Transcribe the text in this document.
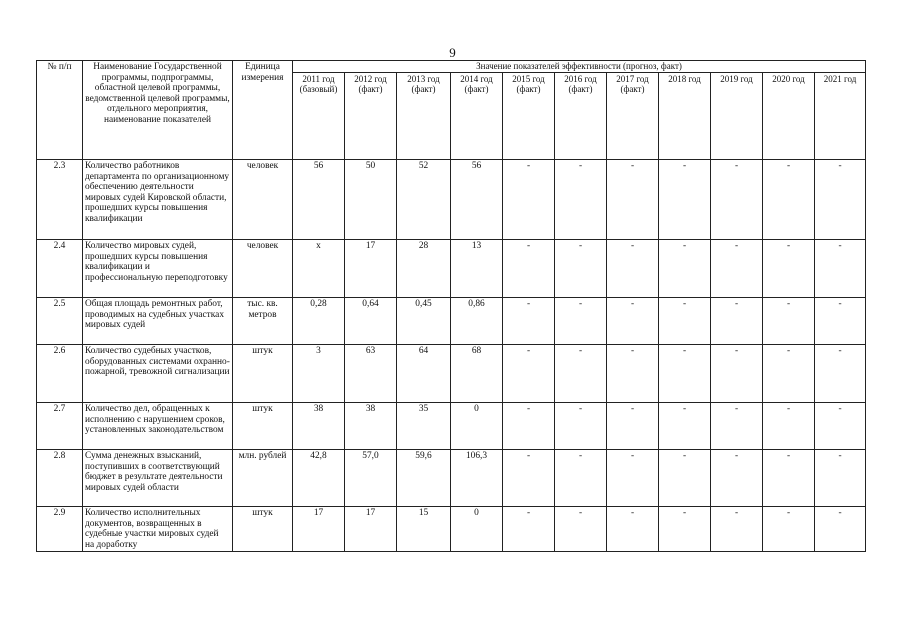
9
№ п/п	Наименование Государственной программы, подпрограммы, областной целевой программы, ведомственной целевой программы, отдельного мероприятия, наименование показателей	Единица измерения	Значение показателей эффективности (прогноз, факт)										
			2011 год (базовый)	2012 год (факт)	2013 год (факт)	2014 год (факт)	2015 год (факт)	2016 год (факт)	2017 год (факт)	2018 год	2019 год	2020 год	2021 год
2.3	Количество работников департамента по организационному обеспечению деятельности мировых судей Кировской области, прошедших курсы повышения квалификации	человек	56	50	52	56	-	-	-	-	-	-	-
2.4	Количество мировых судей, прошедших курсы повышения квалификации и профессиональную переподготовку	человек	х	17	28	13	-	-	-	-	-	-	-
2.5	Общая площадь ремонтных работ, проводимых на судебных участках мировых судей	тыс. кв. метров	0,28	0,64	0,45	0,86	-	-	-	-	-	-	-
2.6	Количество судебных участков, оборудованных системами охранно-пожарной, тревожной сигнализации	штук	3	63	64	68	-	-	-	-	-	-	-
2.7	Количество дел, обращенных к исполнению с нарушением сроков, установленных законодательством	штук	38	38	35	0	-	-	-	-	-	-	-
2.8	Сумма денежных взысканий, поступивших в соответствующий бюджет в результате деятельности мировых судей области	млн. рублей	42,8	57,0	59,6	106,3	-	-	-	-	-	-	-
2.9	Количество исполнительных документов, возвращенных в судебные участки мировых судей на доработку	штук	17	17	15	0	-	-	-	-	-	-	-
